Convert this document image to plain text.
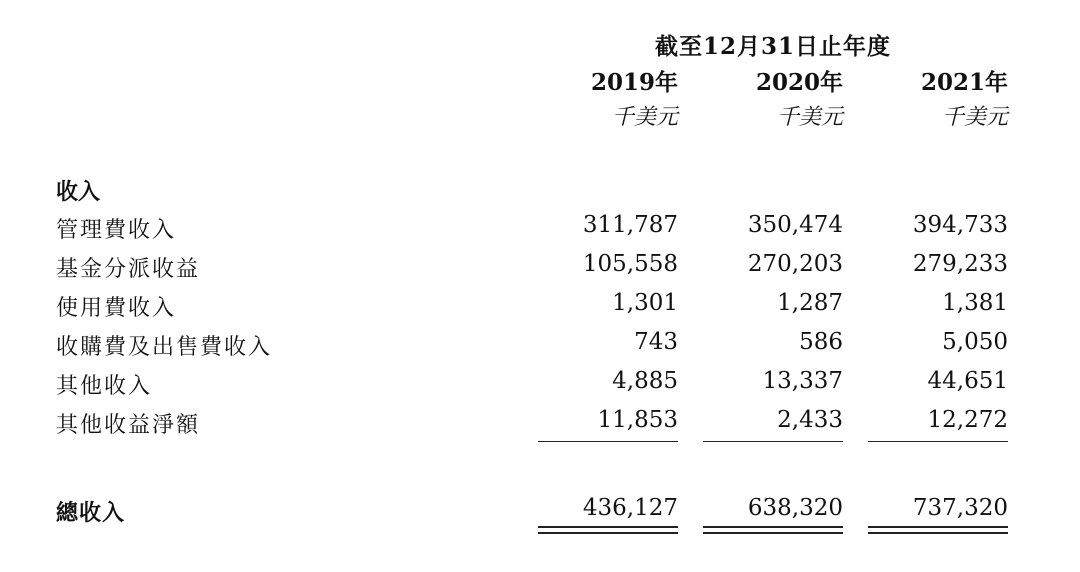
截至12月31日止年度
2019年	2020年	2021年
千美元	千美元	千美元
收入
管理費收入	311,787	350,474	394,733
基金分派收益	105,558	270,203	279,233
使用費收入	1,301	1,287	1,381
收購費及出售費收入	743	586	5,050
其他收入	4,885	13,337	44,651
其他收益淨額	11,853	2,433	12,272
總收入	436,127	638,320	737,320
